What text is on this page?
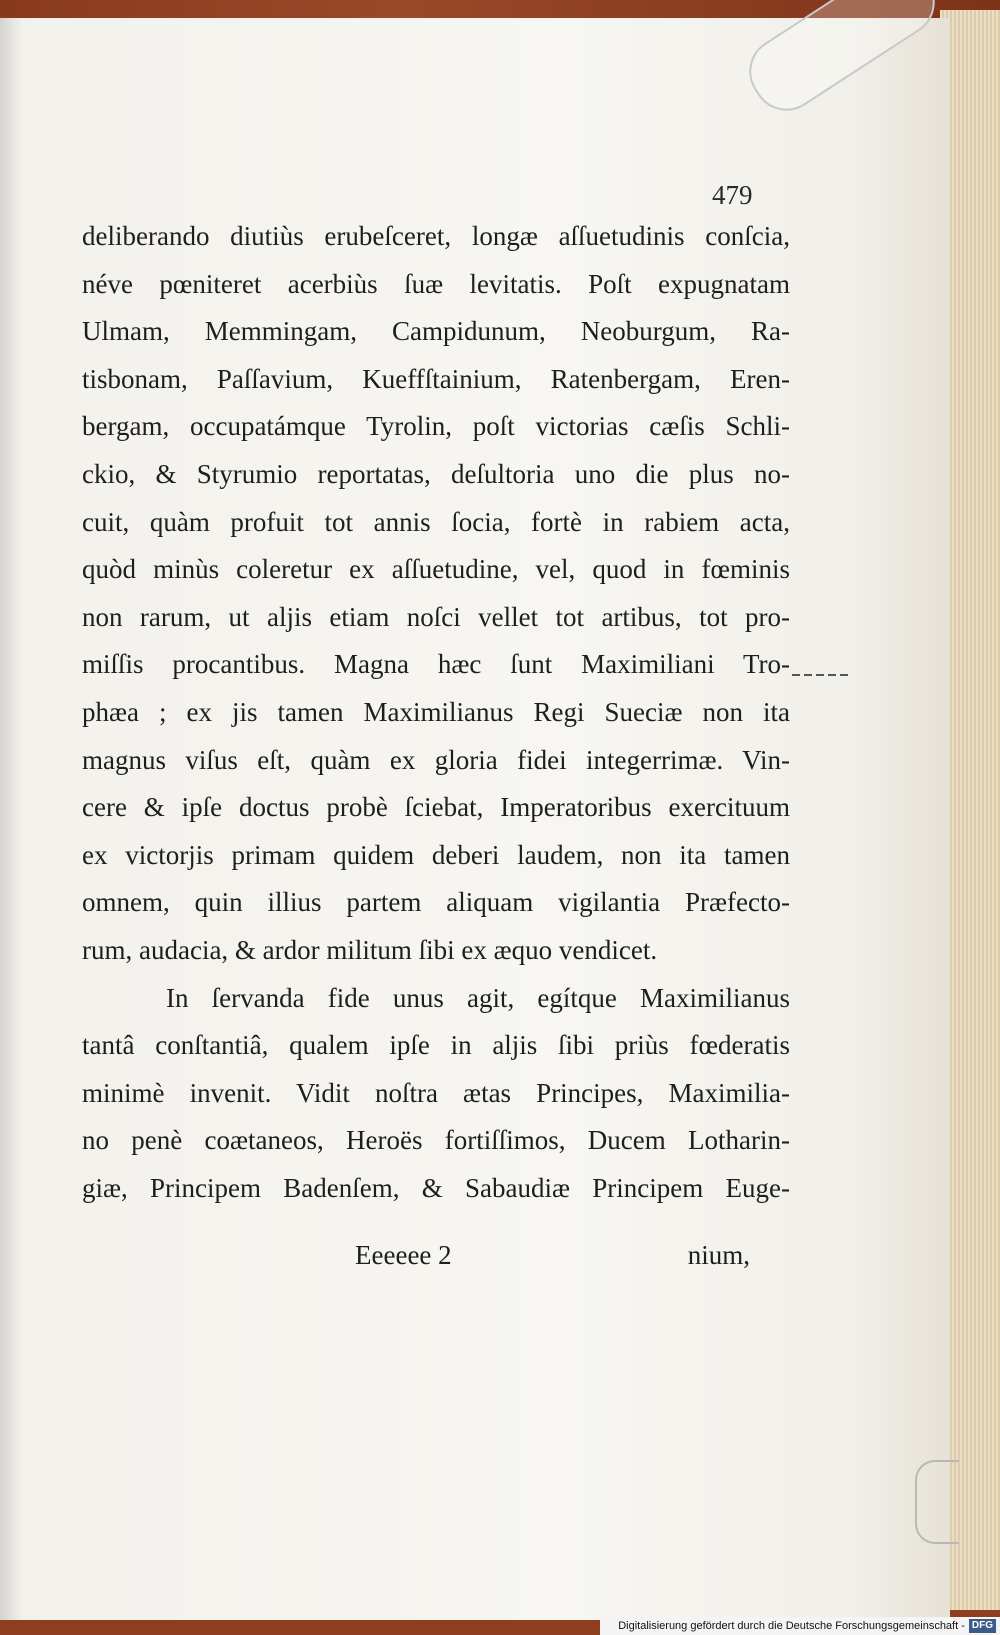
479
deliberando diutiùs erubeſceret, longæ aſſuetudinis conſcia,
néve pœniteret acerbiùs ſuæ levitatis. Poſt expugnatam
Ulmam, Memmingam, Campidunum, Neoburgum, Ra-
tisbonam, Paſſavium, Kueffſtainium, Ratenbergam, Eren-
bergam, occupatámque Tyrolin, poſt victorias cæſis Schli-
ckio, & Styrumio reportatas, deſultoria uno die plus no-
cuit, quàm profuit tot annis ſocia, fortè in rabiem acta,
quòd minùs coleretur ex aſſuetudine, vel, quod in fœminis
non rarum, ut aljis etiam noſci vellet tot artibus, tot pro-
miſſis procantibus. Magna hæc ſunt Maximiliani Tro-
phæa ; ex jis tamen Maximilianus Regi Sueciæ non ita
magnus viſus eſt, quàm ex gloria fidei integerrimæ. Vin-
cere & ipſe doctus probè ſciebat, Imperatoribus exercituum
ex victorjis primam quidem deberi laudem, non ita tamen
omnem, quin illius partem aliquam vigilantia Præfecto-
rum, audacia, & ardor militum ſibi ex æquo vendicet.
In ſervanda fide unus agit, egítque Maximilianus
tantâ conſtantiâ, qualem ipſe in aljis ſibi priùs fœderatis
minimè invenit. Vidit noſtra ætas Principes, Maximilia-
no penè coætaneos, Heroës fortiſſimos, Ducem Lotharin-
giæ, Principem Badenſem, & Sabaudiæ Principem Euge-
Eeeeee 2	nium,
Digitalisierung gefördert durch die Deutsche Forschungsgemeinschaft - DFG
